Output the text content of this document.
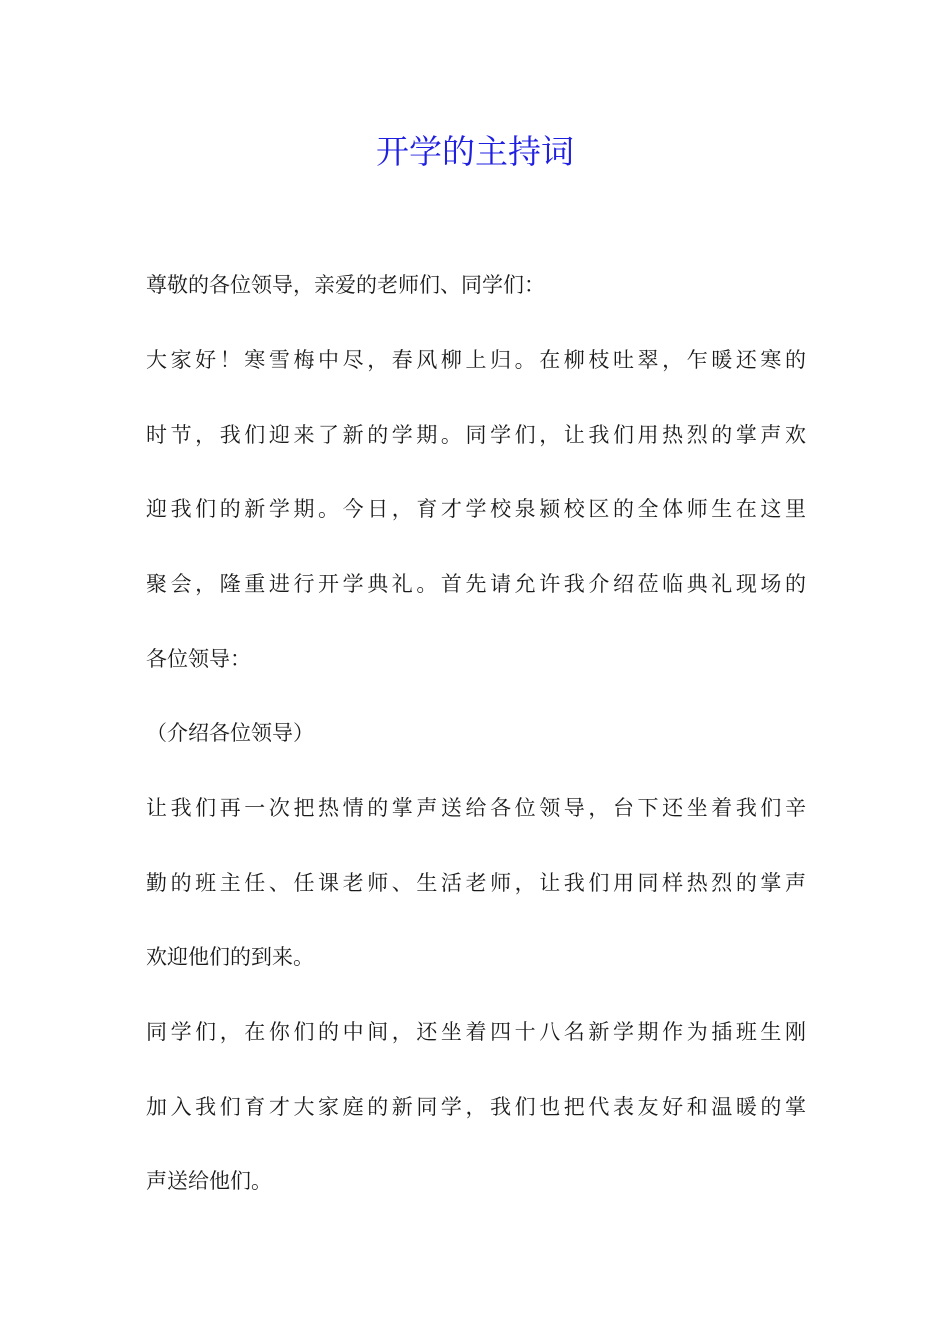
开学的主持词

尊敬的各位领导，亲爱的老师们、同学们：

大家好！寒雪梅中尽，春风柳上归。在柳枝吐翠，乍暖还寒的

时节，我们迎来了新的学期。同学们，让我们用热烈的掌声欢

迎我们的新学期。今日，育才学校泉颍校区的全体师生在这里

聚会，隆重进行开学典礼。首先请允许我介绍莅临典礼现场的

各位领导：

（介绍各位领导）

让我们再一次把热情的掌声送给各位领导，台下还坐着我们辛

勤的班主任、任课老师、生活老师，让我们用同样热烈的掌声

欢迎他们的到来。

同学们，在你们的中间，还坐着四十八名新学期作为插班生刚

加入我们育才大家庭的新同学，我们也把代表友好和温暖的掌

声送给他们。
